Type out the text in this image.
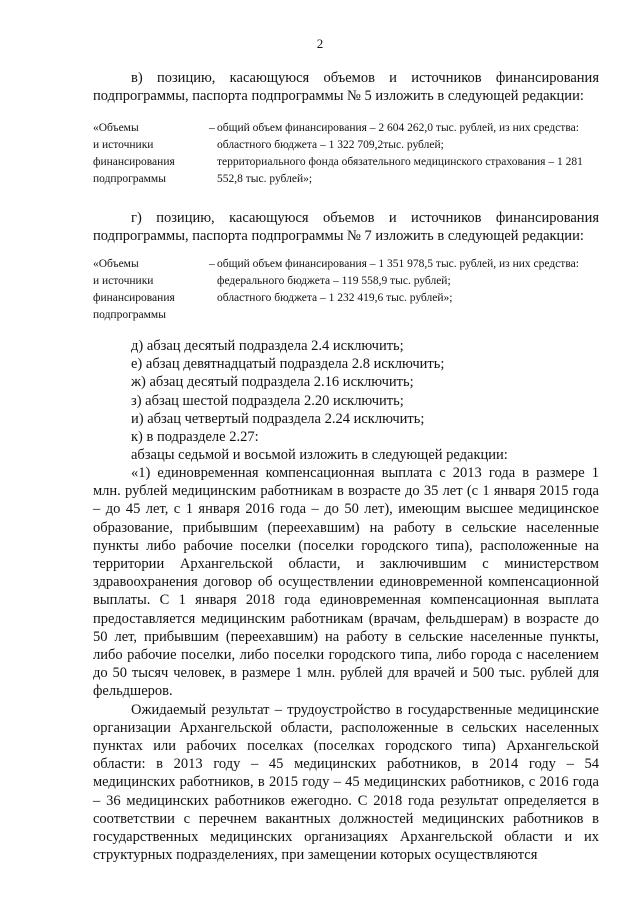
2

в) позицию, касающуюся объемов и источников финансирования подпрограммы, паспорта подпрограммы № 5 изложить в следующей редакции:

«Объемы
и источники
финансирования
подпрограммы
– общий объем финансирования – 2 604 262,0 тыс. рублей, из них средства:

областного бюджета – 1 322 709,2тыс. рублей;

территориального фонда обязательного медицинского страхования – 1 281 552,8 тыс. рублей»;

г) позицию, касающуюся объемов и источников финансирования подпрограммы, паспорта подпрограммы № 7 изложить в следующей редакции:

«Объемы
и источники
финансирования
подпрограммы
– общий объем финансирования – 1 351 978,5 тыс. рублей, из них средства:

федерального бюджета – 119 558,9 тыс. рублей;

областного бюджета – 1 232 419,6 тыс. рублей»;

д) абзац десятый подраздела 2.4 исключить;

е) абзац девятнадцатый подраздела 2.8 исключить;

ж) абзац десятый подраздела 2.16 исключить;

з) абзац шестой подраздела 2.20 исключить;

и) абзац четвертый подраздела 2.24 исключить;

к) в подразделе 2.27:

абзацы седьмой и восьмой изложить в следующей редакции:

«1) единовременная компенсационная выплата с 2013 года в размере 1 млн. рублей медицинским работникам в возрасте до 35 лет (с 1 января 2015 года – до 45 лет, с 1 января 2016 года – до 50 лет), имеющим высшее медицинское образование, прибывшим (переехавшим) на работу в сельские населенные пункты либо рабочие поселки (поселки городского типа), расположенные на территории Архангельской области, и заключившим с министерством здравоохранения договор об осуществлении единовременной компенсационной выплаты. С 1 января 2018 года единовременная компенсационная выплата предоставляется медицинским работникам (врачам, фельдшерам) в возрасте до 50 лет, прибывшим (переехавшим) на работу в сельские населенные пункты, либо рабочие поселки, либо поселки городского типа, либо города с населением до 50 тысяч человек, в размере 1 млн. рублей для врачей и 500 тыс. рублей для фельдшеров.

Ожидаемый результат – трудоустройство в государственные медицинские организации Архангельской области, расположенные в сельских населенных пунктах или рабочих поселках (поселках городского типа) Архангельской области: в 2013 году – 45 медицинских работников, в 2014 году – 54 медицинских работников, в 2015 году – 45 медицинских работников, с 2016 года – 36 медицинских работников ежегодно. С 2018 года результат определяется в соответствии с перечнем вакантных должностей медицинских работников в государственных медицинских организациях Архангельской области и их структурных подразделениях, при замещении которых осуществляются
